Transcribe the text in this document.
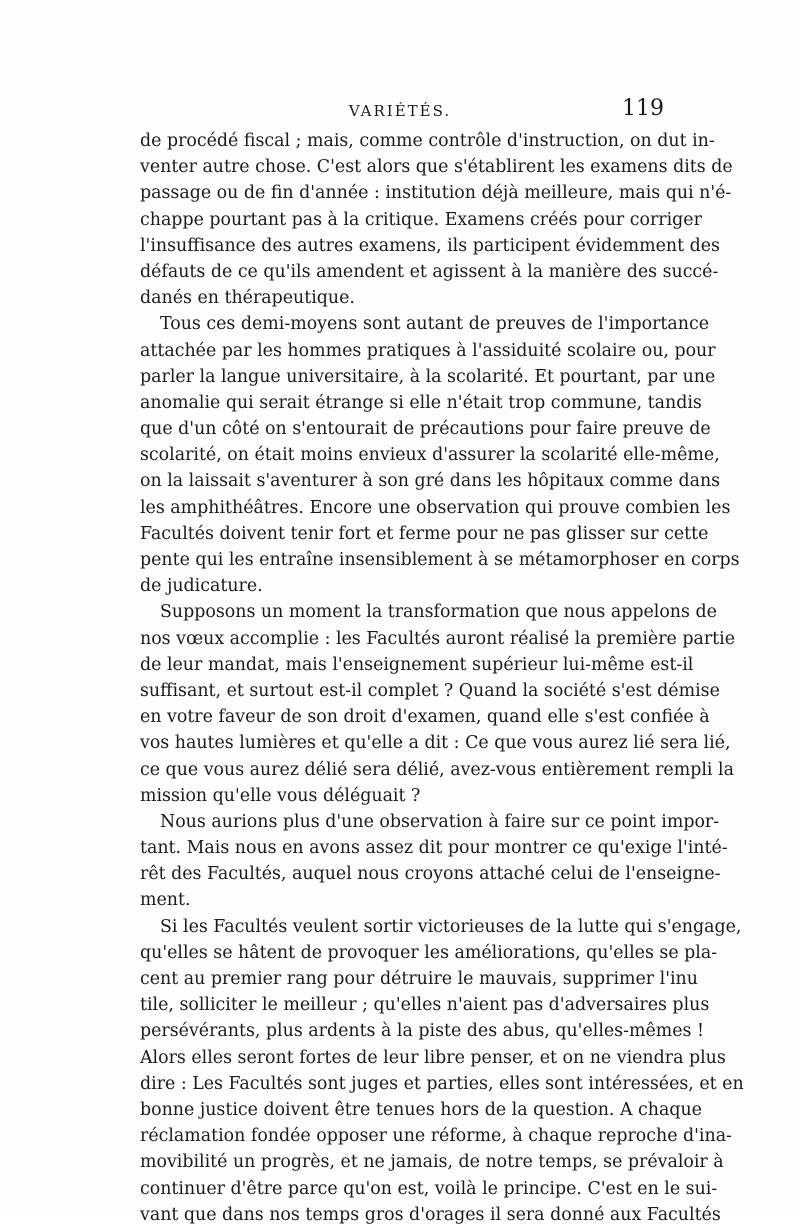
VARIÉTÉS.	119
de procédé fiscal ; mais, comme contrôle d'instruction, on dut in-
venter autre chose. C'est alors que s'établirent les examens dits de
passage ou de fin d'année : institution déjà meilleure, mais qui n'é-
chappe pourtant pas à la critique. Examens créés pour corriger
l'insuffisance des autres examens, ils participent évidemment des
défauts de ce qu'ils amendent et agissent à la manière des succé-
danés en thérapeutique.
Tous ces demi-moyens sont autant de preuves de l'importance
attachée par les hommes pratiques à l'assiduité scolaire ou, pour
parler la langue universitaire, à la scolarité. Et pourtant, par une
anomalie qui serait étrange si elle n'était trop commune, tandis
que d'un côté on s'entourait de précautions pour faire preuve de
scolarité, on était moins envieux d'assurer la scolarité elle-même,
on la laissait s'aventurer à son gré dans les hôpitaux comme dans
les amphithéâtres. Encore une observation qui prouve combien les
Facultés doivent tenir fort et ferme pour ne pas glisser sur cette
pente qui les entraîne insensiblement à se métamorphoser en corps
de judicature.
Supposons un moment la transformation que nous appelons de
nos vœux accomplie : les Facultés auront réalisé la première partie
de leur mandat, mais l'enseignement supérieur lui-même est-il
suffisant, et surtout est-il complet ? Quand la société s'est démise
en votre faveur de son droit d'examen, quand elle s'est confiée à
vos hautes lumières et qu'elle a dit : Ce que vous aurez lié sera lié,
ce que vous aurez délié sera délié, avez-vous entièrement rempli la
mission qu'elle vous déléguait ?
Nous aurions plus d'une observation à faire sur ce point impor-
tant. Mais nous en avons assez dit pour montrer ce qu'exige l'inté-
rêt des Facultés, auquel nous croyons attaché celui de l'enseigne-
ment.
Si les Facultés veulent sortir victorieuses de la lutte qui s'engage,
qu'elles se hâtent de provoquer les améliorations, qu'elles se pla-
cent au premier rang pour détruire le mauvais, supprimer l'inu
tile, solliciter le meilleur ; qu'elles n'aient pas d'adversaires plus
persévérants, plus ardents à la piste des abus, qu'elles-mêmes !
Alors elles seront fortes de leur libre penser, et on ne viendra plus
dire : Les Facultés sont juges et parties, elles sont intéressées, et en
bonne justice doivent être tenues hors de la question. A chaque
réclamation fondée opposer une réforme, à chaque reproche d'ina-
movibilité un progrès, et ne jamais, de notre temps, se prévaloir à
continuer d'être parce qu'on est, voilà le principe. C'est en le sui-
vant que dans nos temps gros d'orages il sera donné aux Facultés
